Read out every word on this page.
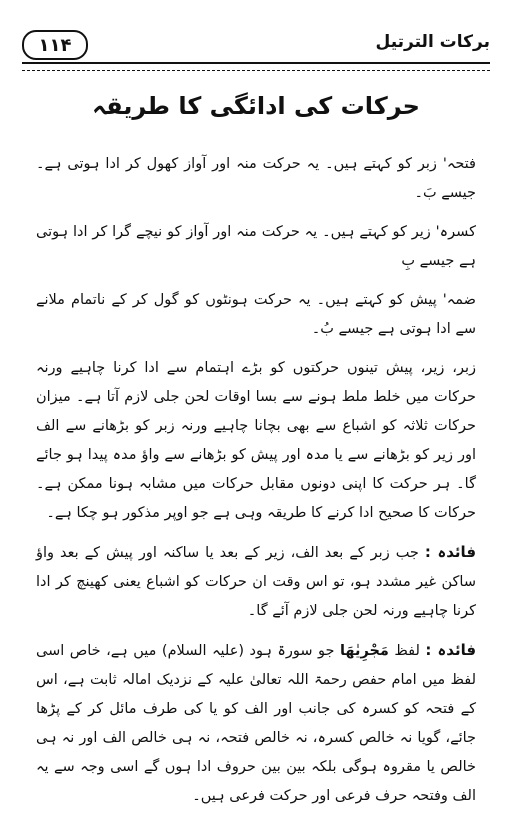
۱۱۴	برکات الترتیل
حرکات کی ادائگی کا طریقہ

فتحہ' زبر کو کہتے ہیں۔ یہ حرکت منہ اور آواز کھول کر ادا ہوتی ہے۔ جیسے بَ۔

کسرہ' زیر کو کہتے ہیں۔ یہ حرکت منہ اور آواز کو نیچے گرا کر ادا ہوتی ہے جیسے بِ

ضمہ' پیش کو کہتے ہیں۔ یہ حرکت ہونٹوں کو گول کر کے ناتمام ملانے سے ادا ہوتی ہے جیسے بُ۔

زبر، زیر، پیش تینوں حرکتوں کو بڑے اہتمام سے ادا کرنا چاہیے ورنہ حرکات میں خلط ملط ہونے سے بسا اوقات لحن جلی لازم آتا ہے۔ میزان حرکات ثلاثہ کو اشباع سے بھی بچانا چاہیے ورنہ زبر کو بڑھانے سے الف اور زیر کو بڑھانے سے یا مدہ اور پیش کو بڑھانے سے واؤ مدہ پیدا ہو جائے گا۔ ہر حرکت کا اپنی دونوں مقابل حرکات میں مشابہ ہونا ممکن ہے۔ حرکات کا صحیح ادا کرنے کا طریقہ وہی ہے جو اوپر مذکور ہو چکا ہے۔

فائدہ : جب زبر کے بعد الف، زیر کے بعد یا ساکنہ اور پیش کے بعد واؤ ساکن غیر مشدد ہو، تو اس وقت ان حرکات کو اشباع یعنی کھینچ کر ادا کرنا چاہیے ورنہ لحن جلی لازم آئے گا۔

فائدہ : لفظ مَجْرِيٰهَا جو سورۃ ہود (علیہ السلام) میں ہے، خاص اسی لفظ میں امام حفص رحمۃ اللہ تعالیٰ علیہ کے نزدیک امالہ ثابت ہے، اس کے فتحہ کو کسرہ کی جانب اور الف کو یا کی طرف مائل کر کے پڑھا جائے، گویا نہ خالص کسرہ، نہ خالص فتحہ، نہ ہی خالص الف اور نہ ہی خالص یا مقروہ ہوگی بلکہ بین بین حروف ادا ہوں گے اسی وجہ سے یہ الف وفتحہ حرف فرعی اور حرکت فرعی ہیں۔
